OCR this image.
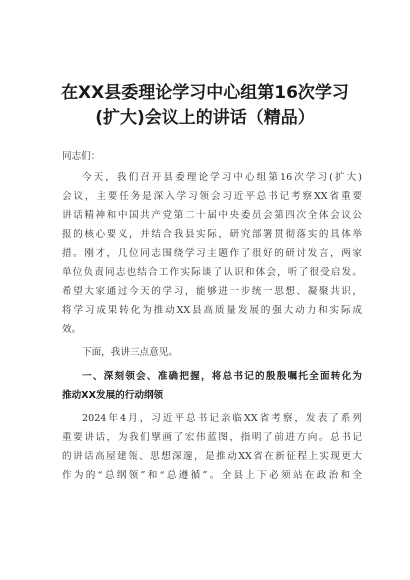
在XX县委理论学习中心组第16次学习
(扩大)会议上的讲话（精品）
同志们：
今天，我们召开县委理论学习中心组第16次学习(扩大)
会议，主要任务是深入学习领会习近平总书记考察XX省重要
讲话精神和中国共产党第二十届中央委员会第四次全体会议公
报的核心要义，并结合我县实际，研究部署贯彻落实的具体举
措。刚才，几位同志围绕学习主题作了很好的研讨发言，两家
单位负责同志也结合工作实际谈了认识和体会，听了很受启发。
希望大家通过今天的学习，能够进一步统一思想、凝聚共识，
将学习成果转化为推动XX县高质量发展的强大动力和实际成
效。
下面，我讲三点意见。
一、深刻领会、准确把握，将总书记的殷殷嘱托全面转化为
推动XX发展的行动纲领
2024年4月，习近平总书记亲临XX省考察，发表了系列
重要讲话，为我们擘画了宏伟蓝图，指明了前进方向。总书记
的讲话高屋建瓴、思想深邃，是推动XX省在新征程上实现更大
作为的“总纲领”和“总遵循”。全县上下必须站在政治和全
